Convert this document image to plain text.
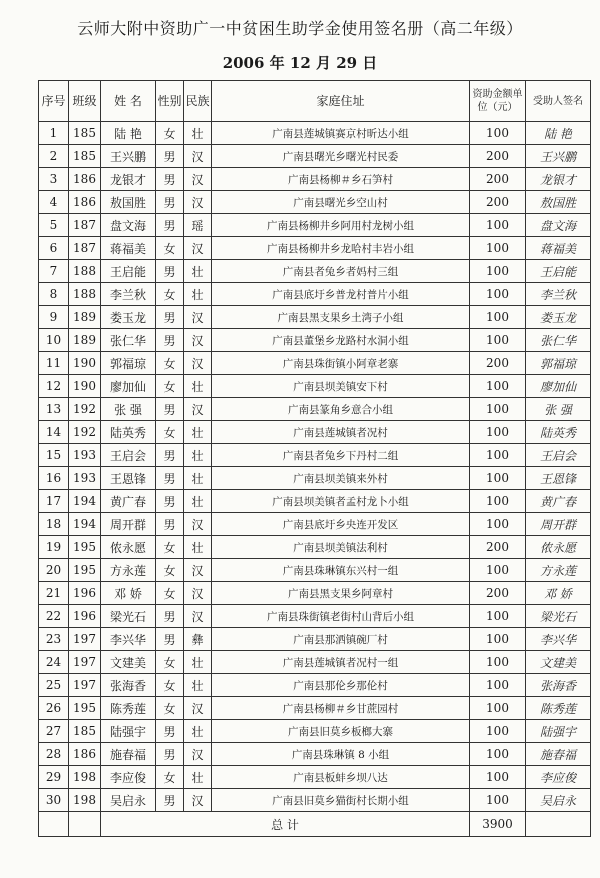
云师大附中资助广一中贫困生助学金使用签名册（高二年级）
2006 年 12 月 29 日
序号	班级	姓 名	性别	民族	家庭住址	资助金额单位（元）	受助人签名
1	185	陆 艳	女	壮	广南县莲城镇赛京村昕达小组	100	陆 艳
2	185	王兴鹏	男	汉	广南县曙光乡曙光村民委	200	王兴鹏
3	186	龙银才	男	汉	广南县杨柳＃乡石笋村	200	龙银才
4	186	敖国胜	男	汉	广南县曙光乡空山村	200	敖国胜
5	187	盘文海	男	瑶	广南县杨柳井乡阿用村龙树小组	100	盘文海
6	187	蒋福美	女	汉	广南县杨柳井乡龙哈村丰岩小组	100	蒋福美
7	188	王启能	男	壮	广南县者兔乡者妈村三组	100	王启能
8	188	李兰秋	女	壮	广南县底圩乡普龙村普片小组	100	李兰秋
9	189	娄玉龙	男	汉	广南县黑支果乡土湾子小组	100	娄玉龙
10	189	张仁华	男	汉	广南县董堡乡龙路村水洞小组	100	张仁华
11	190	郭福琼	女	汉	广南县珠街镇小阿章老寨	200	郭福琼
12	190	廖加仙	女	壮	广南县坝美镇安下村	100	廖加仙
13	192	张 强	男	汉	广南县篆角乡意合小组	100	张 强
14	192	陆英秀	女	壮	广南县莲城镇者况村	100	陆英秀
15	193	王启会	男	壮	广南县者兔乡下丹村二组	100	王启会
16	193	王恩锋	男	壮	广南县坝美镇来外村	100	王恩锋
17	194	黄广春	男	壮	广南县坝美镇者孟村龙卜小组	100	黄广春
18	194	周开群	男	汉	广南县底圩乡央连开发区	100	周开群
19	195	侬永愿	女	壮	广南县坝美镇法利村	200	侬永愿
20	195	方永莲	女	汉	广南县珠琳镇东兴村一组	100	方永莲
21	196	邓 娇	女	汉	广南县黑支果乡阿章村	200	邓 娇
22	196	梁光石	男	汉	广南县珠街镇老街村山背后小组	100	梁光石
23	197	李兴华	男	彝	广南县那洒镇碗厂村	100	李兴华
24	197	文建美	女	壮	广南县莲城镇者况村一组	100	文建美
25	197	张海香	女	壮	广南县那伦乡那伦村	100	张海香
26	195	陈秀莲	女	汉	广南县杨柳＃乡甘蔗园村	100	陈秀莲
27	185	陆强宇	男	壮	广南县旧莫乡板榔大寨	100	陆强宇
28	186	施春福	男	汉	广南县珠琳镇 8 小组	100	施春福
29	198	李应俊	女	壮	广南县板蚌乡坝八达	100	李应俊
30	198	吴启永	男	汉	广南县旧莫乡猫街村长期小组	100	吴启永
		总 计				3900	
